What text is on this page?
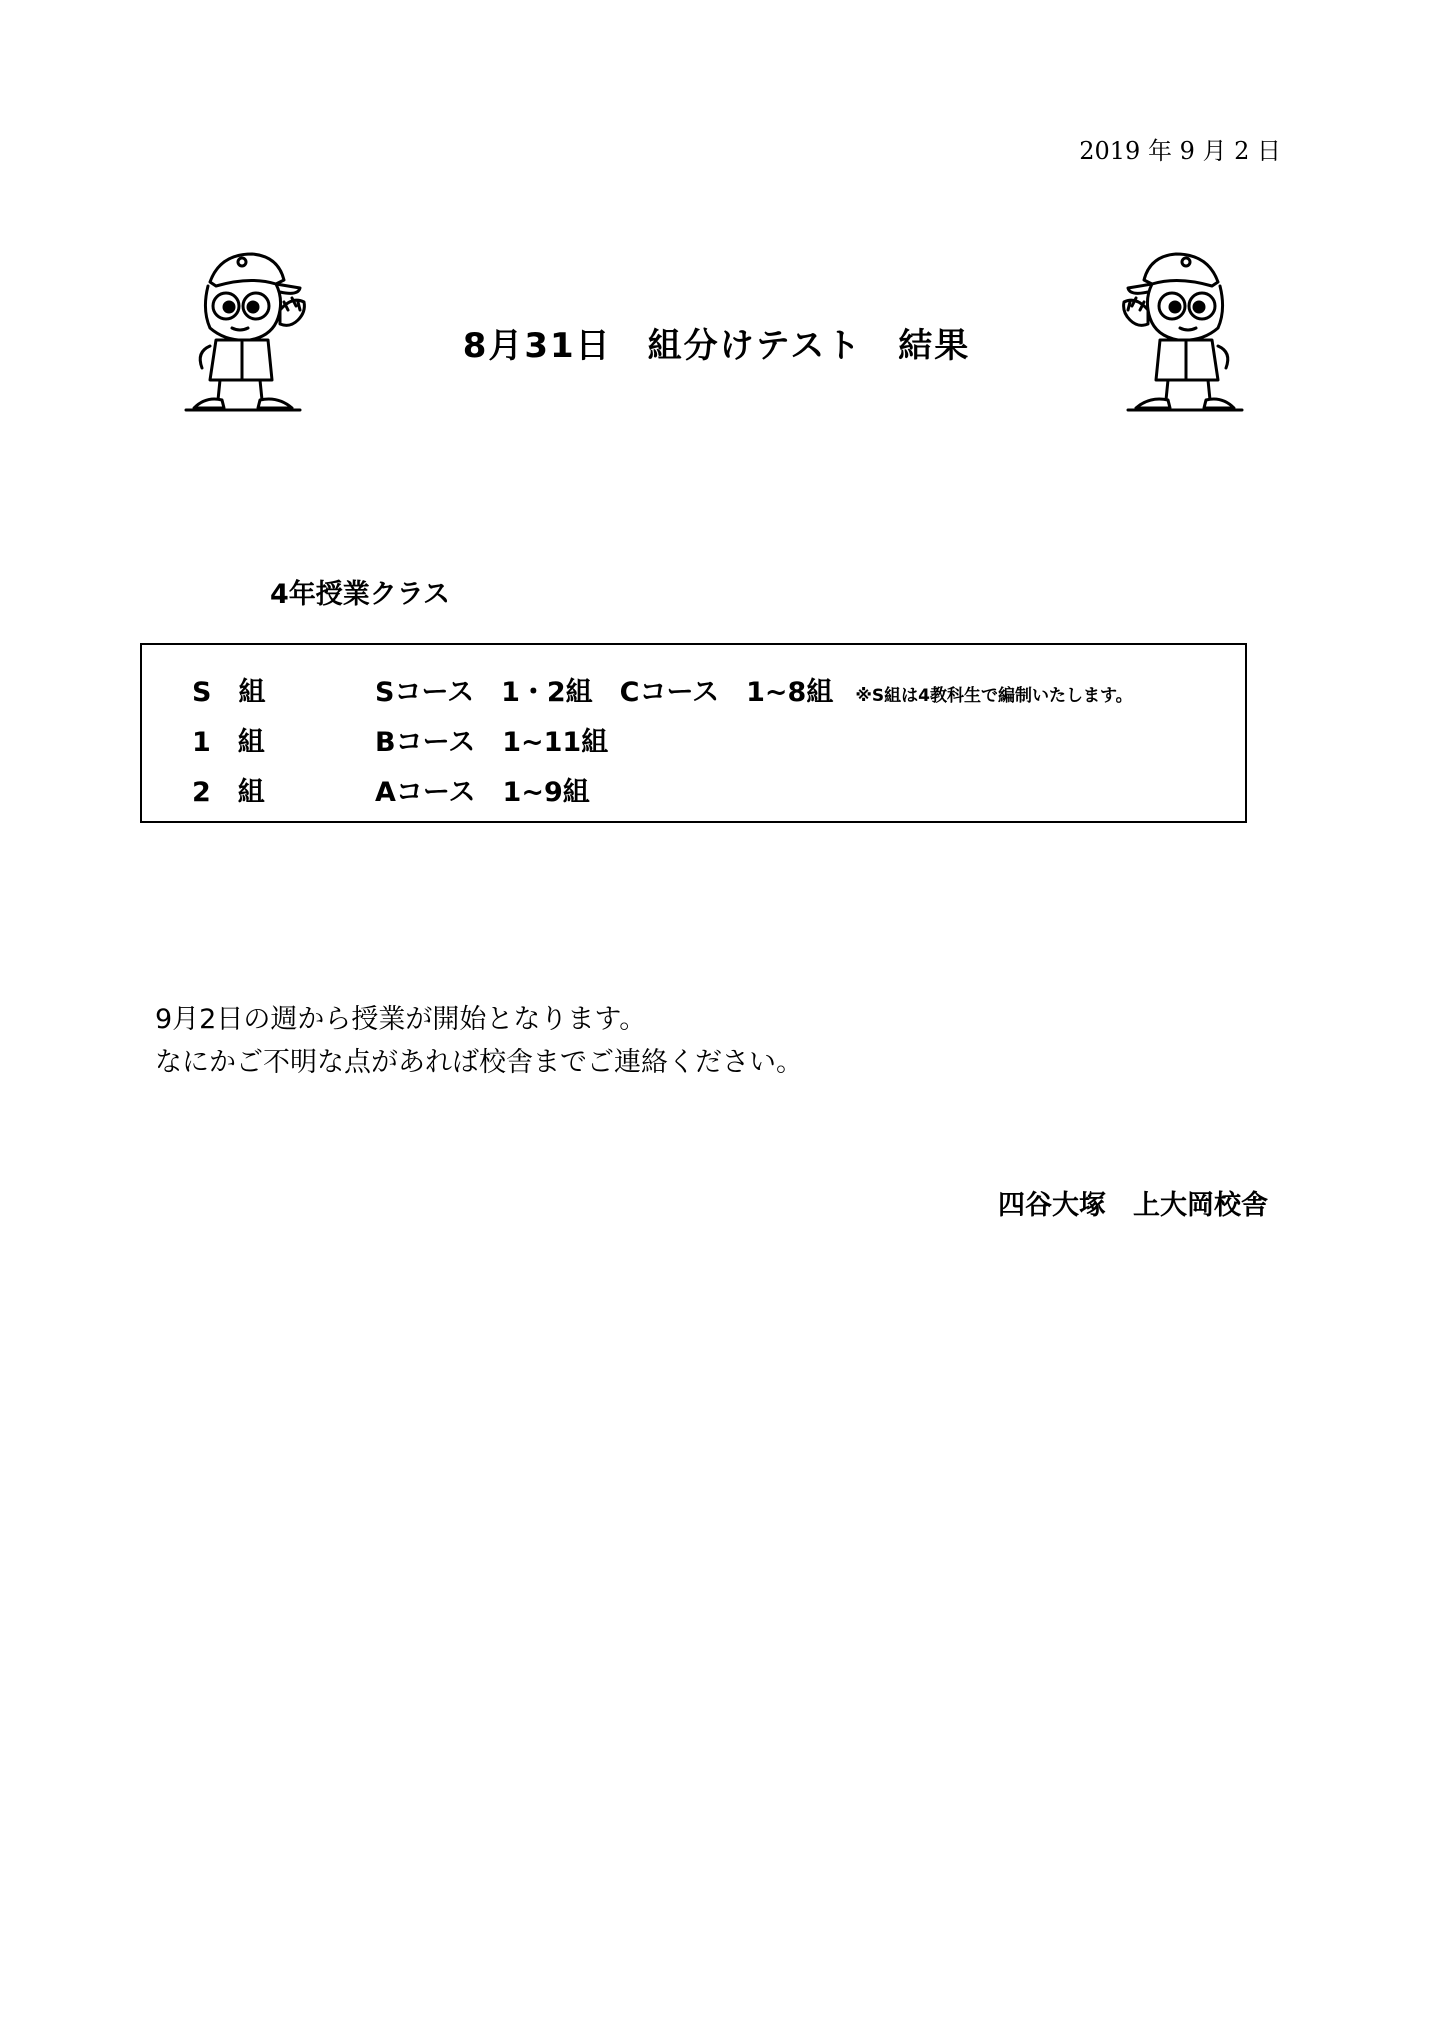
2019 年 9 月 2 日
8月31日　組分けテスト　結果
4年授業クラス
S　組	Sコース　1・2組　Cコース　1~8組 ※S組は4教科生で編制いたします。
1　組	Bコース　1~11組
2　組	Aコース　1~9組
9月2日の週から授業が開始となります。
なにかご不明な点があれば校舎までご連絡ください。
四谷大塚　上大岡校舎
